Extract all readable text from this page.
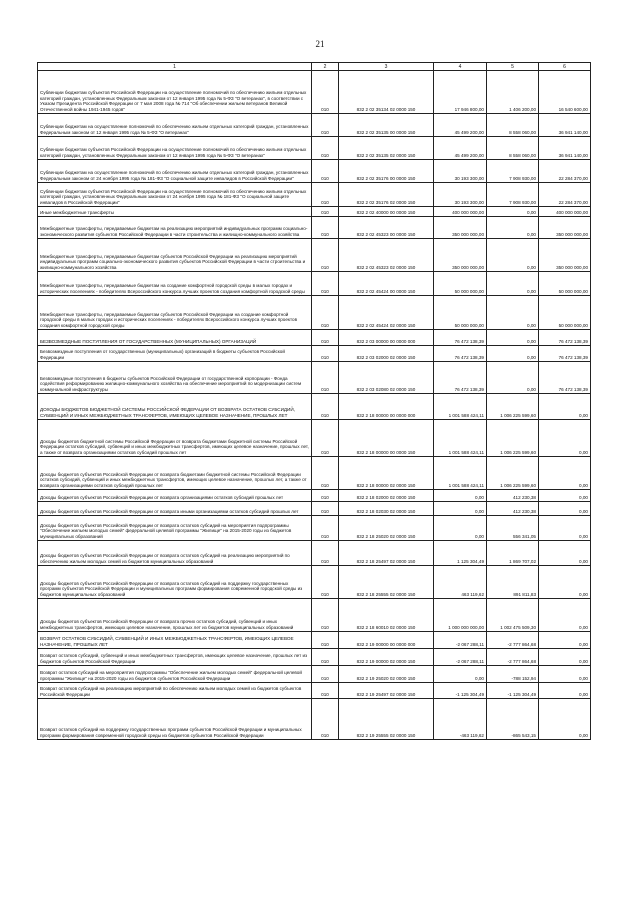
21
1	2	3	4	5	6
Субвенции бюджетам субъектов Российской Федерации на осуществление полномочий по обеспечению жильем отдельных категорий граждан, установленных Федеральным законом от 12 января 1995 года № 5-ФЗ "О ветеранах", в соответствии с Указом Президента Российской Федерации от 7 мая 2008 года № 714 "Об обеспечении жильем ветеранов Великой Отечественной войны 1941-1945 годов"	010	832 2 02 35134 02 0000 150	17 946 800,00	1 406 200,00	16 540 600,00
Субвенции бюджетам на осуществление полномочий по обеспечению жильем отдельных категорий граждан, установленных Федеральным законом от 12 января 1995 года № 5-ФЗ "О ветеранах"	010	832 2 02 35135 00 0000 150	45 499 200,00	8 558 060,00	36 941 140,00
Субвенции бюджетам субъектов Российской Федерации на осуществление полномочий по обеспечению жильем отдельных категорий граждан, установленных Федеральным законом от 12 января 1995 года № 5-ФЗ "О ветеранах"	010	832 2 02 35135 02 0000 150	45 499 200,00	8 558 060,00	36 941 140,00
Субвенции бюджетам на осуществление полномочий по обеспечению жильем отдельных категорий граждан, установленных Федеральным законом от 24 ноября 1995 года № 181-ФЗ "О социальной защите инвалидов в Российской Федерации"	010	832 2 02 35176 00 0000 150	30 193 300,00	7 908 930,00	22 284 370,00
Субвенции бюджетам субъектов Российской Федерации на осуществление полномочий по обеспечению жильем отдельных категорий граждан, установленных Федеральным законом от 24 ноября 1995 года № 181-ФЗ "О социальной защите инвалидов в Российской Федерации"	010	832 2 02 35176 02 0000 150	30 193 300,00	7 908 930,00	22 284 370,00
Иные межбюджетные трансферты	010	832 2 02 40000 00 0000 150	400 000 000,00	0,00	400 000 000,00
Межбюджетные трансферты, передаваемые бюджетам на реализацию мероприятий индивидуальных программ социально-экономического развития субъектов Российской Федерации в части строительства и жилищно-коммунального хозяйства	010	832 2 02 45323 00 0000 150	350 000 000,00	0,00	350 000 000,00
Межбюджетные трансферты, передаваемые бюджетам субъектов Российской Федерации на реализацию мероприятий индивидуальных программ социально-экономического развития субъектов Российской Федерации в части строительства и жилищно-коммунального хозяйства	010	832 2 02 45323 02 0000 150	350 000 000,00	0,00	350 000 000,00
Межбюджетные трансферты, передаваемые бюджетам на создание комфортной городской среды в малых городах и исторических поселениях - победителях Всероссийского конкурса лучших проектов создания комфортной городской среды	010	832 2 02 45424 00 0000 150	50 000 000,00	0,00	50 000 000,00
Межбюджетные трансферты, передаваемые бюджетам субъектов Российской Федерации на создание комфортной городской среды в малых городах и исторических поселениях - победителях Всероссийского конкурса лучших проектов создания комфортной городской среды	010	832 2 02 45424 02 0000 150	50 000 000,00	0,00	50 000 000,00
БЕЗВОЗМЕЗДНЫЕ ПОСТУПЛЕНИЯ ОТ ГОСУДАРСТВЕННЫХ (МУНИЦИПАЛЬНЫХ) ОРГАНИЗАЦИЙ	010	832 2 03 00000 00 0000 000	76 472 138,39	0,00	76 472 138,39
Безвозмездные поступления от государственных (муниципальных) организаций в бюджеты субъектов Российской Федерации	010	832 2 03 02000 02 0000 150	76 472 138,39	0,00	76 472 138,39
Безвозмездные поступления в бюджеты субъектов Российской Федерации от государственной корпорации - Фонда содействия реформированию жилищно-коммунального хозяйства на обеспечение мероприятий по модернизации систем коммунальной инфраструктуры	010	832 2 03 02080 02 0000 150	76 472 138,39	0,00	76 472 138,39
ДОХОДЫ БЮДЖЕТОВ БЮДЖЕТНОЙ СИСТЕМЫ РОССИЙСКОЙ ФЕДЕРАЦИИ ОТ ВОЗВРАТА ОСТАТКОВ СУБСИДИЙ, СУБВЕНЦИЙ И ИНЫХ МЕЖБЮДЖЕТНЫХ ТРАНСФЕРТОВ, ИМЕЮЩИХ ЦЕЛЕВОЕ НАЗНАЧЕНИЕ, ПРОШЛЫХ ЛЕТ	010	832 2 18 00000 00 0000 000	1 001 588 424,11	1 006 225 599,60	0,00
Доходы бюджетов бюджетной системы Российской Федерации от возврата бюджетами бюджетной системы Российской Федерации остатков субсидий, субвенций и иных межбюджетных трансфертов, имеющих целевое назначение, прошлых лет, а также от возврата организациями остатков субсидий прошлых лет	010	832 2 18 00000 00 0000 150	1 001 588 424,11	1 006 225 599,60	0,00
Доходы бюджетов субъектов Российской Федерации от возврата бюджетами бюджетной системы Российской Федерации остатков субсидий, субвенций и иных межбюджетных трансфертов, имеющих целевое назначение, прошлых лет, а также от возврата организациями остатков субсидий прошлых лет	010	832 2 18 00000 02 0000 150	1 001 588 424,11	1 006 225 599,60	0,00
Доходы бюджетов субъектов Российской Федерации от возврата организациями остатков субсидий прошлых лет	010	832 2 18 02000 02 0000 150	0,00	412 230,38	0,00
Доходы бюджетов субъектов Российской Федерации от возврата иными организациями остатков субсидий прошлых лет	010	832 2 18 02030 02 0000 150	0,00	412 230,38	0,00
Доходы бюджетов субъектов Российской Федерации от возврата остатков субсидий на мероприятия подпрограммы "Обеспечение жильем молодых семей" федеральной целевой программы "Жилище" на 2015-2020 годы из бюджетов муниципальных образований	010	832 2 18 25020 02 0000 150	0,00	556 341,05	0,00
Доходы бюджетов субъектов Российской Федерации от возврата остатков субсидий на реализацию мероприятий по обеспечению жильем молодых семей из бюджетов муниципальных образований	010	832 2 18 25497 02 0000 150	1 125 304,49	1 869 707,02	0,00
Доходы бюджетов субъектов Российской Федерации от возврата остатков субсидий на поддержку государственных программ субъектов Российской Федерации и муниципальных программ формирования современной городской среды из бюджетов муниципальных образований	010	832 2 18 25555 02 0000 150	463 119,62	891 811,83	0,00
Доходы бюджетов субъектов Российской Федерации от возврата прочих остатков субсидий, субвенций и иных межбюджетных трансфертов, имеющих целевое назначение, прошлых лет из бюджетов муниципальных образований	010	832 2 18 60010 02 0000 150	1 000 000 000,00	1 002 475 509,30	0,00
ВОЗВРАТ ОСТАТКОВ СУБСИДИЙ, СУБВЕНЦИЙ И ИНЫХ МЕЖБЮДЖЕТНЫХ ТРАНСФЕРТОВ, ИМЕЮЩИХ ЦЕЛЕВОЕ НАЗНАЧЕНИЕ, ПРОШЛЫХ ЛЕТ	010	832 2 19 00000 00 0000 000	-2 067 288,11	-2 777 864,68	0,00
Возврат остатков субсидий, субвенций и иных межбюджетных трансфертов, имеющих целевое назначение, прошлых лет из бюджетов субъектов Российской Федерации	010	832 2 19 00000 02 0000 150	-2 067 288,11	-2 777 864,68	0,00
Возврат остатков субсидий на мероприятия подпрограммы "Обеспечение жильем молодых семей" федеральной целевой программы "Жилище" на 2015-2020 годы из бюджетов субъектов Российской Федерации	010	832 2 19 25020 02 0000 150	0,00	-788 152,94	0,00
Возврат остатков субсидий на реализацию мероприятий по обеспечению жильем молодых семей из бюджетов субъектов Российской Федерации	010	832 2 19 25497 02 0000 150	-1 125 304,49	-1 125 304,49	0,00
Возврат остатков субсидий на поддержку государственных программ субъектов Российской Федерации и муниципальных программ формирования современной городской среды из бюджетов субъектов Российской Федерации	010	832 2 19 25555 02 0000 150	-463 119,62	-865 543,15	0,00
